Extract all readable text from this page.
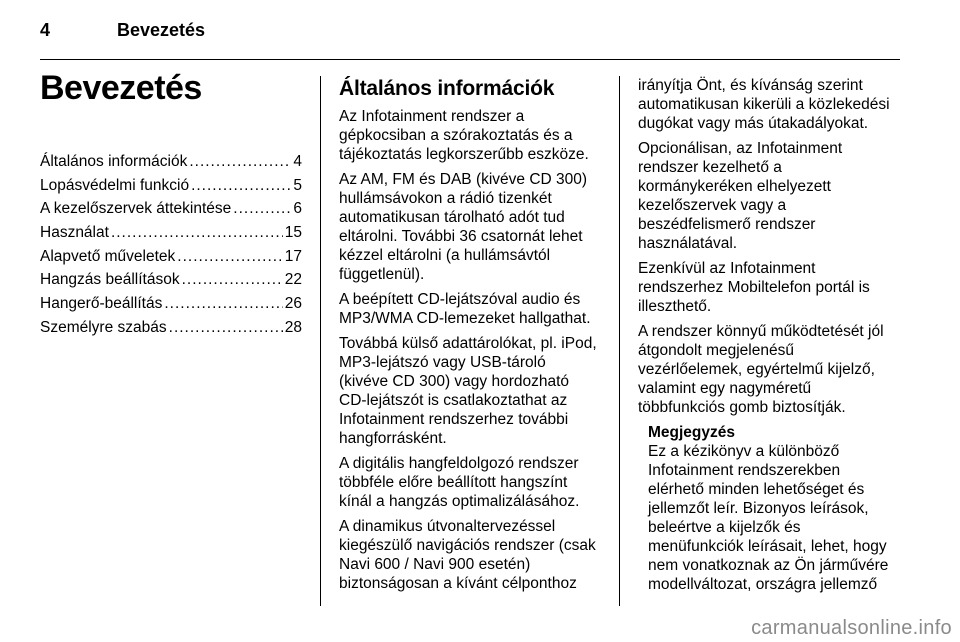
4	Bevezetés
Bevezetés
Általános információk .....	4
Lopásvédelmi funkció .....	5
A kezelőszervek áttekintése .....	6
Használat .....	15
Alapvető műveletek .....	17
Hangzás beállítások .....	22
Hangerő-beállítás .....	26
Személyre szabás .....	28
Általános információk
Az Infotainment rendszer a
gépkocsiban a szórakoztatás és a
tájékoztatás legkorszerűbb eszköze.
Az AM, FM és DAB (kivéve CD 300)
hullámsávokon a rádió tizenkét
automatikusan tárolható adót tud
eltárolni. További 36 csatornát lehet
kézzel eltárolni (a hullámsávtól
függetlenül).
A beépített CD-lejátszóval audio és
MP3/WMA CD-lemezeket hallgathat.
Továbbá külső adattárolókat, pl. iPod,
MP3-lejátszó vagy USB-tároló
(kivéve CD 300) vagy hordozható
CD-lejátszót is csatlakoztathat az
Infotainment rendszerhez további
hangforrásként.
A digitális hangfeldolgozó rendszer
többféle előre beállított hangszínt
kínál a hangzás optimalizálásához.
A dinamikus útvonaltervezéssel
kiegészülő navigációs rendszer (csak
Navi 600 / Navi 900 esetén)
biztonságosan a kívánt célponthoz
irányítja Önt, és kívánság szerint
automatikusan kikerüli a közlekedési
dugókat vagy más útakadályokat.
Opcionálisan, az Infotainment
rendszer kezelhető a
kormánykeréken elhelyezett
kezelőszervek vagy a
beszédfelismerő rendszer
használatával.
Ezenkívül az Infotainment
rendszerhez Mobiltelefon portál is
illeszthető.
A rendszer könnyű működtetését jól
átgondolt megjelenésű
vezérlőelemek, egyértelmű kijelző,
valamint egy nagyméretű
többfunkciós gomb biztosítják.
Megjegyzés
Ez a kézikönyv a különböző
Infotainment rendszerekben
elérhető minden lehetőséget és
jellemzőt leír. Bizonyos leírások,
beleértve a kijelzők és
menüfunkciók leírásait, lehet, hogy
nem vonatkoznak az Ön járművére
modellváltozat, országra jellemző
carmanualsonline.info
